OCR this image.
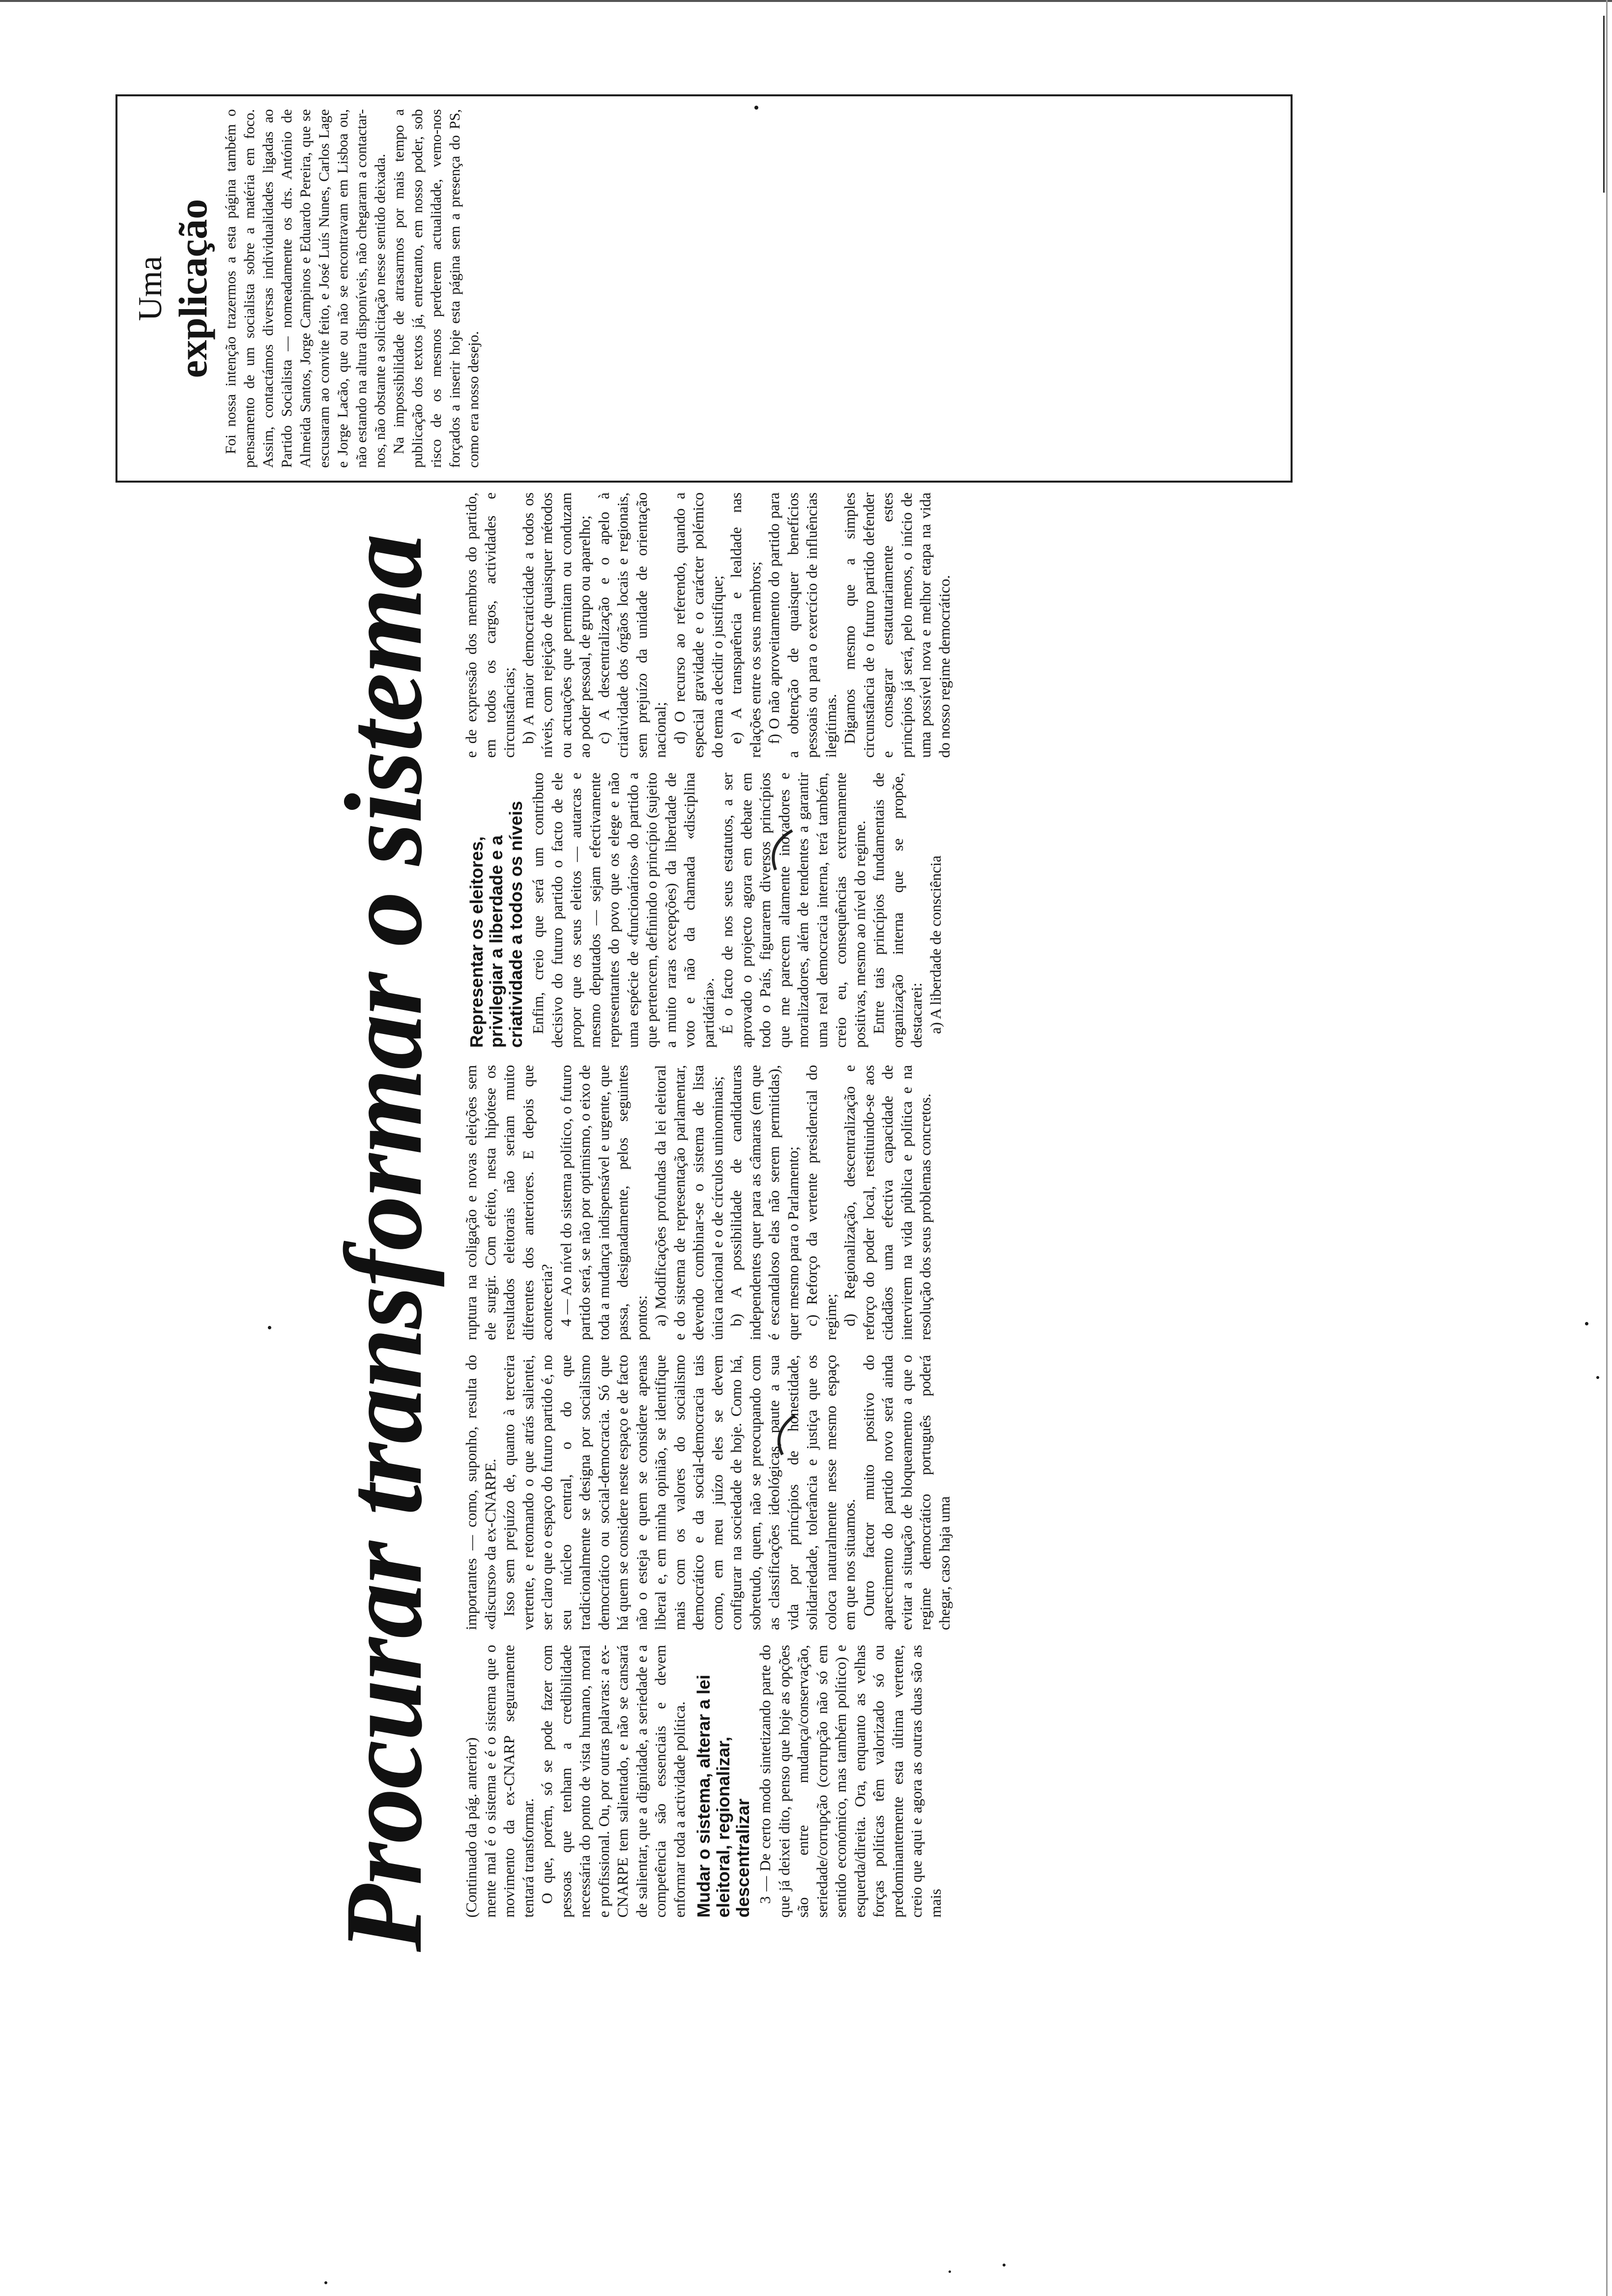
Procurar transformar o sistema	(Continuado da pág. anterior) mente mal é o sistema e é o sistema que o movimento da ex-CNARP seguramente tentará transformar. O que, porém, só se pode fazer com pessoas que tenham a credibilidade necessária do ponto de vista humano, moral e profissional. Ou, por outras palavras: a ex-CNARPE tem salientado, e não se cansará de salientar, que a dignidade, a seriedade e a competência são essenciais e devem enformar toda a actividade política. Mudar o sistema, alterar a lei eleitoral, regionalizar, descentralizar 3 — De certo modo sintetizando parte do que já deixei dito, penso que hoje as opções são entre mudança/conservação, seriedade/corrupção (corrupção não só em sentido económico, mas também político) e esquerda/direita. Ora, enquanto as velhas forças políticas têm valorizado só ou predominantemente esta última vertente, creio que aqui e agora as outras duas são as mais

importantes — como, suponho, resulta do «discurso» da ex-CNARPE. Isso sem prejuízo de, quanto à terceira vertente, e retomando o que atrás salientei, ser claro que o espaço do futuro partido é, no seu núcleo central, o do que tradicionalmente se designa por socialismo democrático ou social-democracia. Só que há quem se considere neste espaço e de facto não o esteja e quem se considere apenas liberal e, em minha opinião, se identifique mais com os valores do socialismo democrático e da social-democracia tais como, em meu juízo eles se devem configurar na sociedade de hoje. Como há, sobretudo, quem, não se preocupando com as classificações ideológicas, paute a sua vida por princípios de honestidade, solidariedade, tolerância e justiça que os coloca naturalmente nesse mesmo espaço em que nos situamos. Outro factor muito positivo do aparecimento do partido novo será ainda evitar a situação de bloqueamento a que o regime democrático português poderá chegar, caso haja uma

ruptura na coligação e novas eleições sem ele surgir. Com efeito, nesta hipótese os resultados eleitorais não seriam muito diferentes dos anteriores. E depois que aconteceria? 4 — Ao nível do sistema político, o futuro partido será, se não por optimismo, o eixo de toda a mudança indispensável e urgente, que passa, designadamente, pelos seguintes pontos: a) Modificações profundas da lei eleitoral e do sistema de representação parlamentar, devendo combinar-se o sistema de lista única nacional e o de círculos uninominais; b) A possibilidade de candidaturas independentes quer para as câmaras (em que é escandaloso elas não serem permitidas), quer mesmo para o Parlamento; c) Reforço da vertente presidencial do regime; d) Regionalização, descentralização e reforço do poder local, restituindo-se aos cidadãos uma efectiva capacidade de intervirem na vida pública e política e na resolução dos seus problemas concretos.

Representar os eleitores, privilegiar a liberdade e a criatividade a todos os níveis Enfim, creio que será um contributo decisivo do futuro partido o facto de ele propor que os seus eleitos — autarcas e mesmo deputados — sejam efectivamente representantes do povo que os elege e não uma espécie de «funcionários» do partido a que pertencem, definindo o princípio (sujeito a muito raras excepções) da liberdade de voto e não da chamada «disciplina partidária». É o facto de nos seus estatutos, a ser aprovado o projecto agora em debate em todo o País, figurarem diversos princípios que me parecem altamente inovadores e moralizadores, além de tendentes a garantir uma real democracia interna, terá também, creio eu, consequências extremamente positivas, mesmo ao nível do regime. Entre tais princípios fundamentais de organização interna que se propõe, destacarei: a) A liberdade de consciência

e de expressão dos membros do partido, em todos os cargos, actividades e circunstâncias; b) A maior democraticidade a todos os níveis, com rejeição de quaisquer métodos ou actuações que permitam ou conduzam ao poder pessoal, de grupo ou aparelho; c) A descentralização e o apelo à criatividade dos órgãos locais e regionais, sem prejuízo da unidade de orientação nacional; d) O recurso ao referendo, quando a especial gravidade e o carácter polémico do tema a decidir o justifique; e) A transparência e lealdade nas relações entre os seus membros; f) O não aproveitamento do partido para a obtenção de quaisquer benefícios pessoais ou para o exercício de influências ilegítimas. Digamos mesmo que a simples circunstância de o futuro partido defender e consagrar estatutariamente estes princípios já será, pelo menos, o início de uma possível nova e melhor etapa na vida do nosso regime democrático.

Uma explicação Foi nossa intenção trazermos a esta página também o pensamento de um socialista sobre a matéria em foco. Assim, contactámos diversas individualidades ligadas ao Partido Socialista — nomeadamente os drs. António de Almeida Santos, Jorge Campinos e Eduardo Pereira, que se escusaram ao convite feito, e José Luís Nunes, Carlos Lage e Jorge Lacão, que ou não se encontravam em Lisboa ou, não estando na altura disponíveis, não chegaram a contactar-nos, não obstante a solicitação nesse sentido deixada. Na impossibilidade de atrasarmos por mais tempo a publicação dos textos já, entretanto, em nosso poder, sob risco de os mesmos perderem actualidade, vemo-nos forçados a inserir hoje esta página sem a presença do PS, como era nosso desejo.
